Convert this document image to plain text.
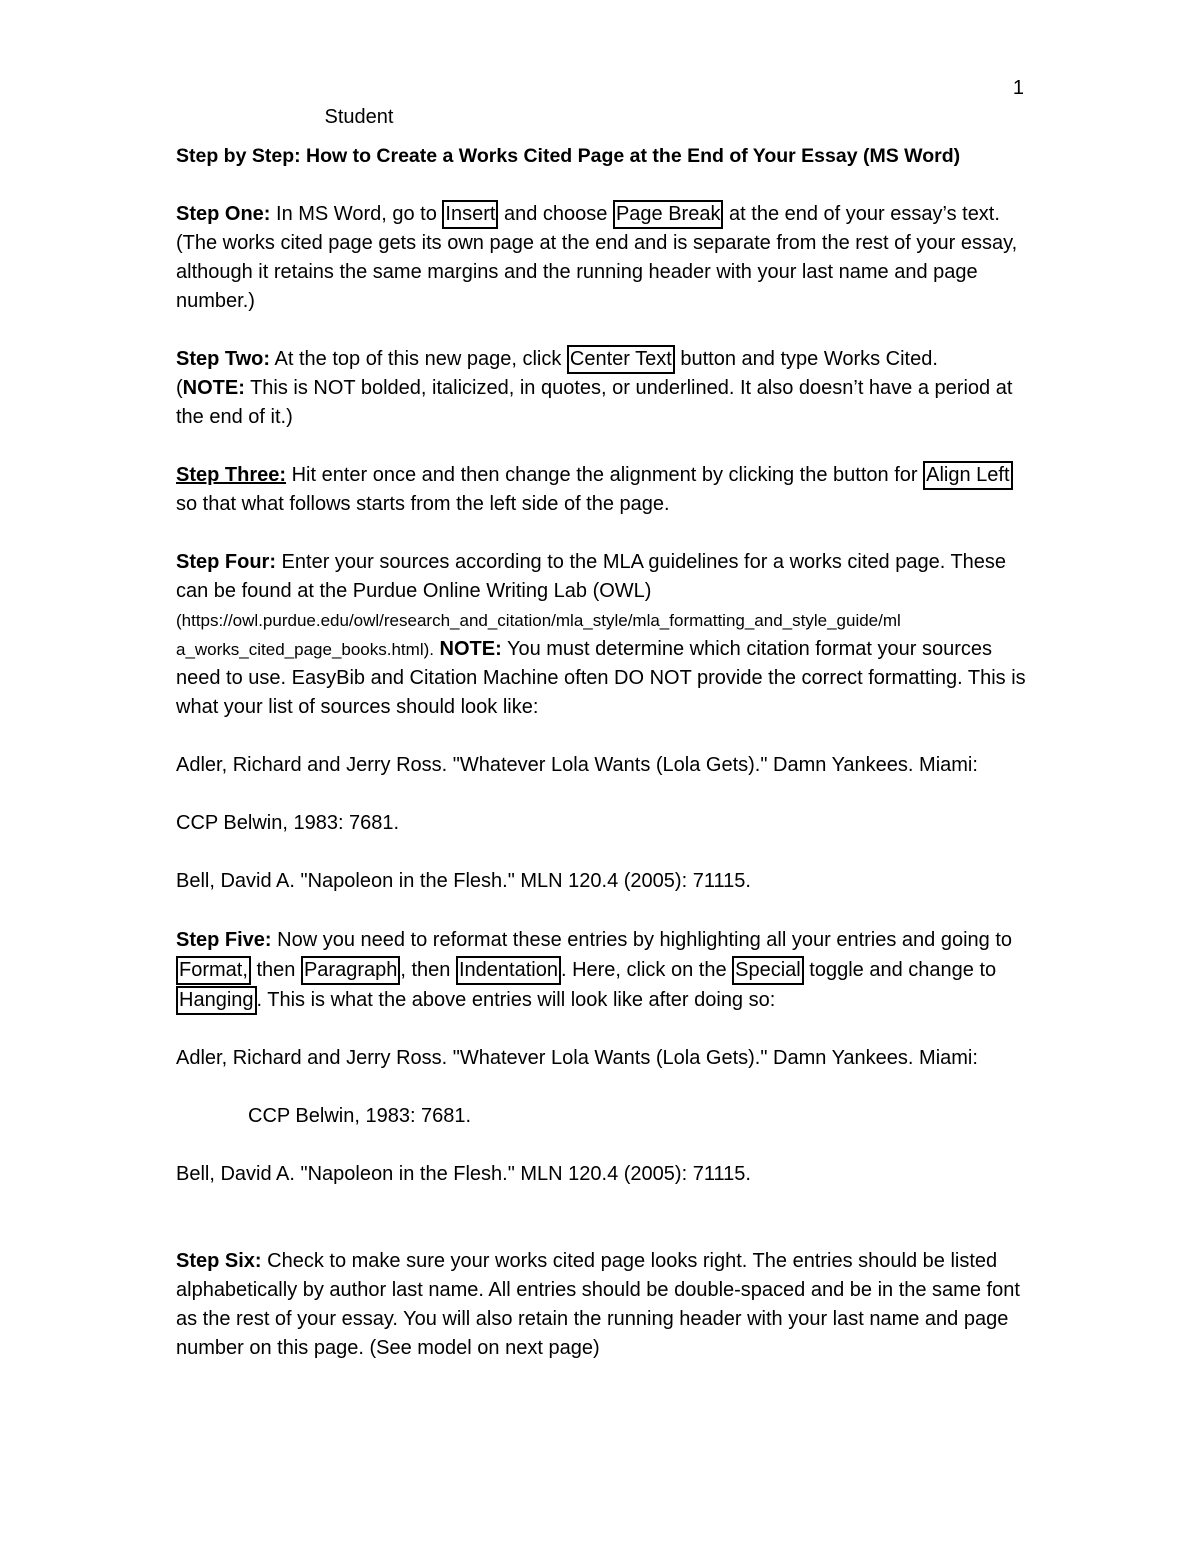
1

Student

Step by Step: How to Create a Works Cited Page at the End of Your Essay (MS Word)

Step One: In MS Word, go to Insert and choose Page Break at the end of your essay’s text. (The works cited page gets its own page at the end and is separate from the rest of your essay, although it retains the same margins and the running header with your last name and page number.)

Step Two: At the top of this new page, click Center Text button and type Works Cited.
(NOTE: This is NOT bolded, italicized, in quotes, or underlined. It also doesn’t have a period at the end of it.)

Step Three: Hit enter once and then change the alignment by clicking the button for Align Left so that what follows starts from the left side of the page.

Step Four: Enter your sources according to the MLA guidelines for a works cited page. These can be found at the Purdue Online Writing Lab (OWL)
(https://owl.purdue.edu/owl/research_and_citation/mla_style/mla_formatting_and_style_guide/ml
a_works_cited_page_books.html). NOTE: You must determine which citation format your sources need to use. EasyBib and Citation Machine often DO NOT provide the correct formatting. This is what your list of sources should look like:

Adler, Richard and Jerry Ross. "Whatever Lola Wants (Lola Gets)." Damn Yankees. Miami:

CCP Belwin, 1983: 7681.

Bell, David A. "Napoleon in the Flesh." MLN 120.4 (2005): 71115.

Step Five: Now you need to reformat these entries by highlighting all your entries and going to Format, then Paragraph , then Indentation . Here, click on the Special toggle and change to Hanging . This is what the above entries will look like after doing so:

Adler, Richard and Jerry Ross. "Whatever Lola Wants (Lola Gets)." Damn Yankees. Miami:

CCP Belwin, 1983: 7681.

Bell, David A. "Napoleon in the Flesh." MLN 120.4 (2005): 71115.

Step Six: Check to make sure your works cited page looks right. The entries should be listed alphabetically by author last name. All entries should be double-spaced and be in the same font as the rest of your essay. You will also retain the running header with your last name and page number on this page. (See model on next page)
